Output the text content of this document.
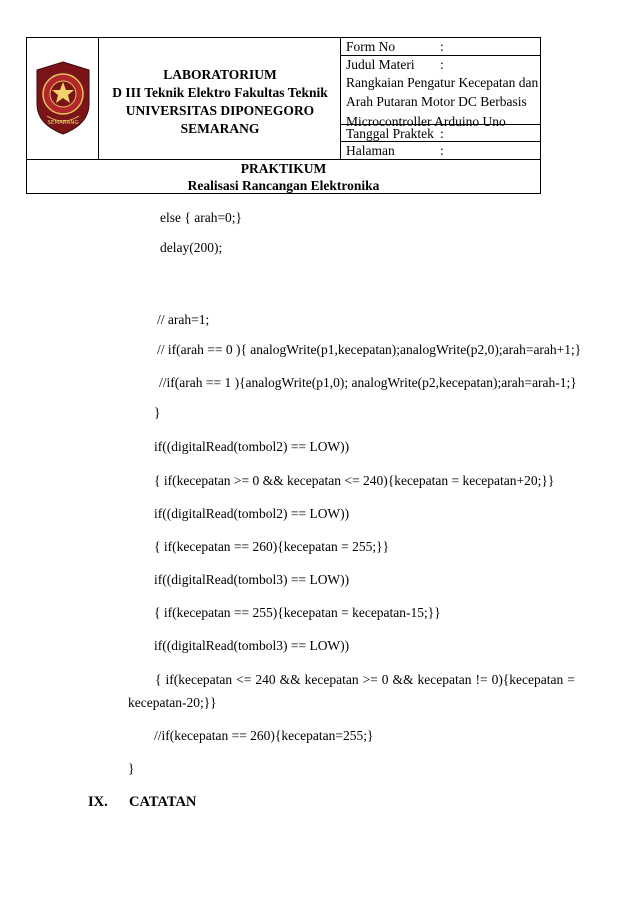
SEMARANG
LABORATORIUM
D III Teknik Elektro Fakultas Teknik
UNIVERSITAS DIPONEGORO
SEMARANG
Form No	:
Judul Materi :
Rangkaian Pengatur Kecepatan dan
Arah Putaran Motor DC Berbasis
Microcontroller Arduino Uno
Tanggal Praktek :
Halaman	:
PRAKTIKUM
Realisasi Rancangan Elektronika
else { arah=0;}
delay(200);
// arah=1;
// if(arah == 0 ){ analogWrite(p1,kecepatan);analogWrite(p2,0);arah=arah+1;}
//if(arah == 1 ){analogWrite(p1,0); analogWrite(p2,kecepatan);arah=arah-1;}
}
if((digitalRead(tombol2) == LOW))
{ if(kecepatan >= 0 && kecepatan <= 240){kecepatan = kecepatan+20;}}
if((digitalRead(tombol2) == LOW))
{ if(kecepatan == 260){kecepatan = 255;}}
if((digitalRead(tombol3) == LOW))
{ if(kecepatan == 255){kecepatan = kecepatan-15;}}
if((digitalRead(tombol3) == LOW))
{ if(kecepatan <= 240 && kecepatan >= 0 && kecepatan != 0){kecepatan =
kecepatan-20;}}
//if(kecepatan == 260){kecepatan=255;}
}
IX. CATATAN
